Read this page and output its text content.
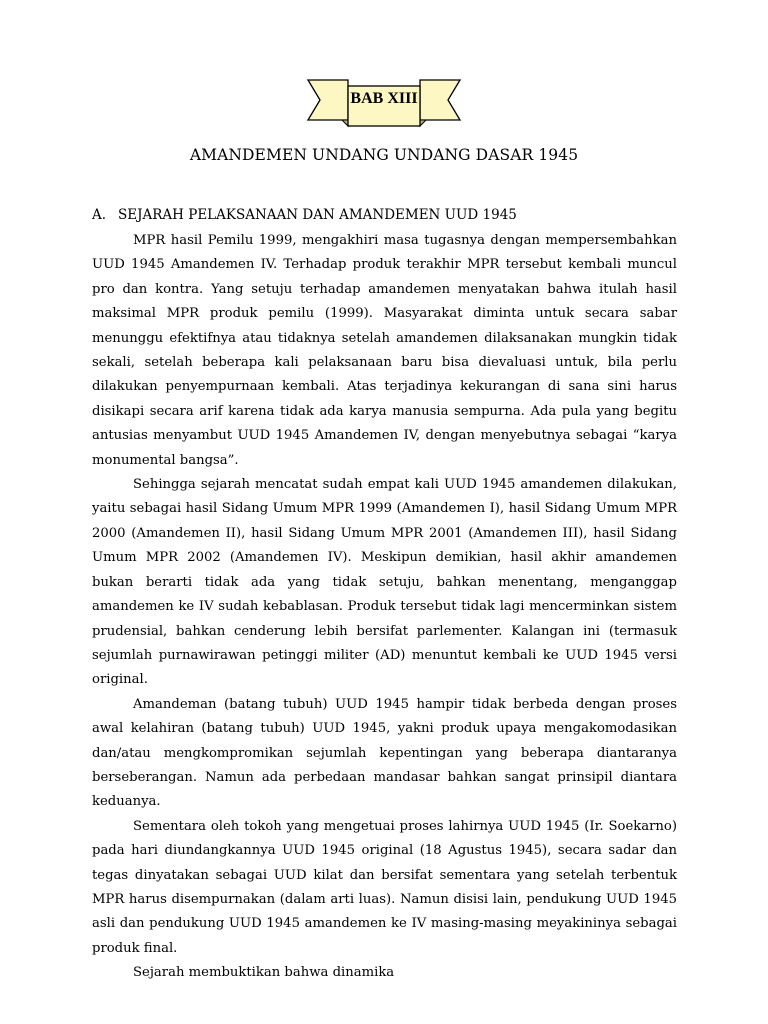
BAB XIII
AMANDEMEN UNDANG UNDANG DASAR 1945
A. SEJARAH PELAKSANAAN DAN AMANDEMEN UUD 1945

MPR hasil Pemilu 1999, mengakhiri masa tugasnya dengan mempersembahkan UUD 1945 Amandemen IV. Terhadap produk terakhir MPR tersebut kembali muncul pro dan kontra. Yang setuju terhadap amandemen menyatakan bahwa itulah hasil maksimal MPR produk pemilu (1999). Masyarakat diminta untuk secara sabar menunggu efektifnya atau tidaknya setelah amandemen dilaksanakan mungkin tidak sekali, setelah beberapa kali pelaksanaan baru bisa dievaluasi untuk, bila perlu dilakukan penyempurnaan kembali. Atas terjadinya kekurangan di sana sini harus disikapi secara arif karena tidak ada karya manusia sempurna. Ada pula yang begitu antusias menyambut UUD 1945 Amandemen IV, dengan menyebutnya sebagai “karya monumental bangsa”.

Sehingga sejarah mencatat sudah empat kali UUD 1945 amandemen dilakukan, yaitu sebagai hasil Sidang Umum MPR 1999 (Amandemen I), hasil Sidang Umum MPR 2000 (Amandemen II), hasil Sidang Umum MPR 2001 (Amandemen III), hasil Sidang Umum MPR 2002 (Amandemen IV). Meskipun demikian, hasil akhir amandemen bukan berarti tidak ada yang tidak setuju, bahkan menentang, menganggap amandemen ke IV sudah kebablasan. Produk tersebut tidak lagi mencerminkan sistem prudensial, bahkan cenderung lebih bersifat parlementer. Kalangan ini (termasuk sejumlah purnawirawan petinggi militer (AD) menuntut kembali ke UUD 1945 versi original.

Amandeman (batang tubuh) UUD 1945 hampir tidak berbeda dengan proses awal kelahiran (batang tubuh) UUD 1945, yakni produk upaya mengakomodasikan dan/atau mengkompromikan sejumlah kepentingan yang beberapa diantaranya berseberangan. Namun ada perbedaan mandasar bahkan sangat prinsipil diantara keduanya.

Sementara oleh tokoh yang mengetuai proses lahirnya UUD 1945 (Ir. Soekarno) pada hari diundangkannya UUD 1945 original (18 Agustus 1945), secara sadar dan tegas dinyatakan sebagai UUD kilat dan bersifat sementara yang setelah terbentuk MPR harus disempurnakan (dalam arti luas). Namun disisi lain, pendukung UUD 1945 asli dan pendukung UUD 1945 amandemen ke IV masing-masing meyakininya sebagai produk final.

Sejarah membuktikan bahwa dinamika
